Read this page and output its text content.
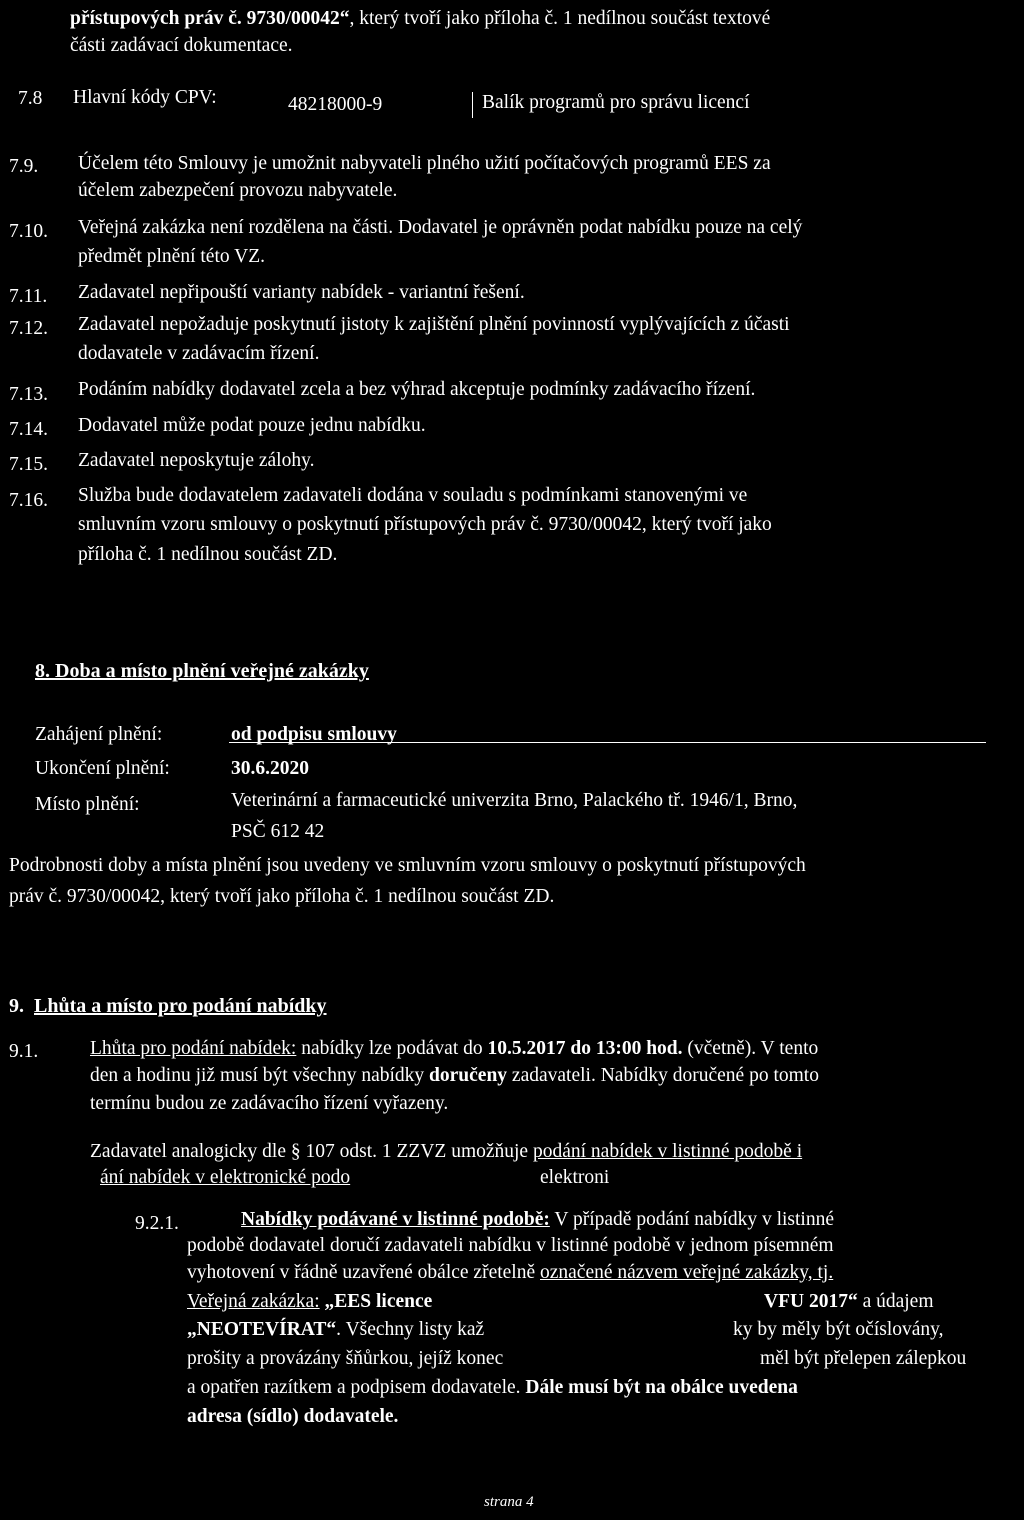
přístupových práv č. 9730/00042“, který tvoří jako příloha č. 1 nedílnou součást textové
části zadávací dokumentace.
7.8 Hlavní kódy CPV:	48218000-9	Balík programů pro správu licencí
7.9. Účelem této Smlouvy je umožnit nabyvateli plného užití počítačových programů EES za
účelem zabezpečení provozu nabyvatele.
7.10. Veřejná zakázka není rozdělena na části. Dodavatel je oprávněn podat nabídku pouze na celý
předmět plnění této VZ.
7.11. Zadavatel nepřipouští varianty nabídek - variantní řešení.
7.12. Zadavatel nepožaduje poskytnutí jistoty k zajištění plnění povinností vyplývajících z účasti
dodavatele v zadávacím řízení.
7.13. Podáním nabídky dodavatel zcela a bez výhrad akceptuje podmínky zadávacího řízení.
7.14. Dodavatel může podat pouze jednu nabídku.
7.15. Zadavatel neposkytuje zálohy.
7.16. Služba bude dodavatelem zadavateli dodána v souladu s podmínkami stanovenými ve
smluvním vzoru smlouvy o poskytnutí přístupových práv č. 9730/00042, který tvoří jako
příloha č. 1 nedílnou součást ZD.
8. Doba a místo plnění veřejné zakázky
Zahájení plnění:	od podpisu smlouvy
Ukončení plnění:	30.6.2020
Místo plnění:	Veterinární a farmaceutické univerzita Brno, Palackého tř. 1946/1, Brno,
PSČ 612 42
Podrobnosti doby a místa plnění jsou uvedeny ve smluvním vzoru smlouvy o poskytnutí přístupových
práv č. 9730/00042, který tvoří jako příloha č. 1 nedílnou součást ZD.
9. Lhůta a místo pro podání nabídky
9.1.	Lhůta pro podání nabídek: nabídky lze podávat do 10.5.2017 do 13:00 hod. (včetně). V tento
den a hodinu již musí být všechny nabídky doručeny zadavateli. Nabídky doručené po tomto
termínu budou ze zadávacího řízení vyřazeny.
Zadavatel analogicky dle § 107 odst. 1 ZZVZ umožňuje podání nabídek v listinné podobě i
ání nabídek v elektronické podo	elektroni
9.2.1.	Nabídky podávané v listinné podobě: V případě podání nabídky v listinné
podobě dodavatel doručí zadavateli nabídku v listinné podobě v jednom písemném
vyhotovení v řádně uzavřené obálce zřetelně označené názvem veřejné zakázky, tj.
Veřejná zakázka: „EES licence	VFU 2017“ a údajem
„NEOTEVÍRAT“. Všechny listy kaž	ky by měly být očíslovány,
prošity a provázány šňůrkou, jejíž konec	měl být přelepen zálepkou
a opatřen razítkem a podpisem dodavatele. Dále musí být na obálce uvedena
adresa (sídlo) dodavatele.
strana 4
